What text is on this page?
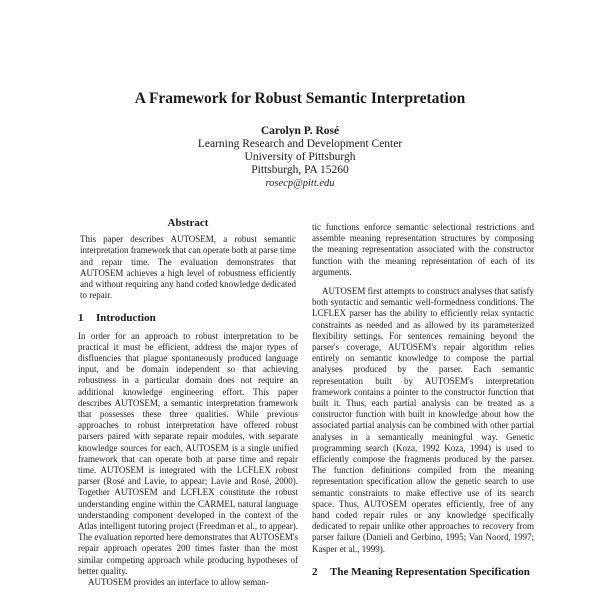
A Framework for Robust Semantic Interpretation
Carolyn P. Rosé
Learning Research and Development Center
University of Pittsburgh
Pittsburgh, PA 15260
rosecp@pitt.edu
Abstract
This paper describes AUTOSEM, a robust semantic interpretation framework that can operate both at parse time and repair time. The evaluation demonstrates that AUTOSEM achieves a high level of robustness efficiently and without requiring any hand coded knowledge dedicated to repair.
1 Introduction

In order for an approach to robust interpretation to be practical it must be efficient, address the major types of disfluencies that plague spontaneously produced language input, and be domain independent so that achieving robustness in a particular domain does not require an additional knowledge engineering effort. This paper describes AUTOSEM, a semantic interpretation framework that possesses these three qualities. While previous approaches to robust interpretation have offered robust parsers paired with separate repair modules, with separate knowledge sources for each, AUTOSEM is a single unified framework that can operate both at parse time and repair time. AUTOSEM is integrated with the LCFLEX robust parser (Rosé and Lavie, to appear; Lavie and Rosé, 2000). Together AUTOSEM and LCFLEX constitute the robust understanding engine within the CARMEL natural language understanding component developed in the context of the Atlas intelligent tutoring project (Freedman et al., to appear). The evaluation reported here demonstrates that AUTOSEM's repair approach operates 200 times faster than the most similar competing approach while producing hypotheses of better quality.

AUTOSEM provides an interface to allow seman-

tic functions enforce semantic selectional restrictions and assemble meaning representation structures by composing the meaning representation associated with the constructor function with the meaning representation of each of its arguments.

AUTOSEM first attempts to construct analyses that satisfy both syntactic and semantic well-formedness conditions. The LCFLEX parser has the ability to efficiently relax syntactic constraints as needed and as allowed by its parameterized flexibility settings. For sentences remaining beyond the parser's coverage, AUTOSEM's repair algorithm relies entirely on semantic knowledge to compose the partial analyses produced by the parser. Each semantic representation built by AUTOSEM's interpretation framework contains a pointer to the constructor function that built it. Thus, each partial analysis can be treated as a constructor function with built in knowledge about how the associated partial analysis can be combined with other partial analyses in a semantically meaningful way. Genetic programming search (Koza, 1992 Koza, 1994) is used to efficiently compose the fragments produced by the parser. The function definitions compiled from the meaning representation specification allow the genetic search to use semantic constraints to make effective use of its search space. Thus, AUTOSEM operates efficiently, free of any hand coded repair rules or any knowledge specifically dedicated to repair unlike other approaches to recovery from parser failure (Danieli and Gerbino, 1995; Van Noord, 1997; Kasper et al., 1999).

2 The Meaning Representation Specification
